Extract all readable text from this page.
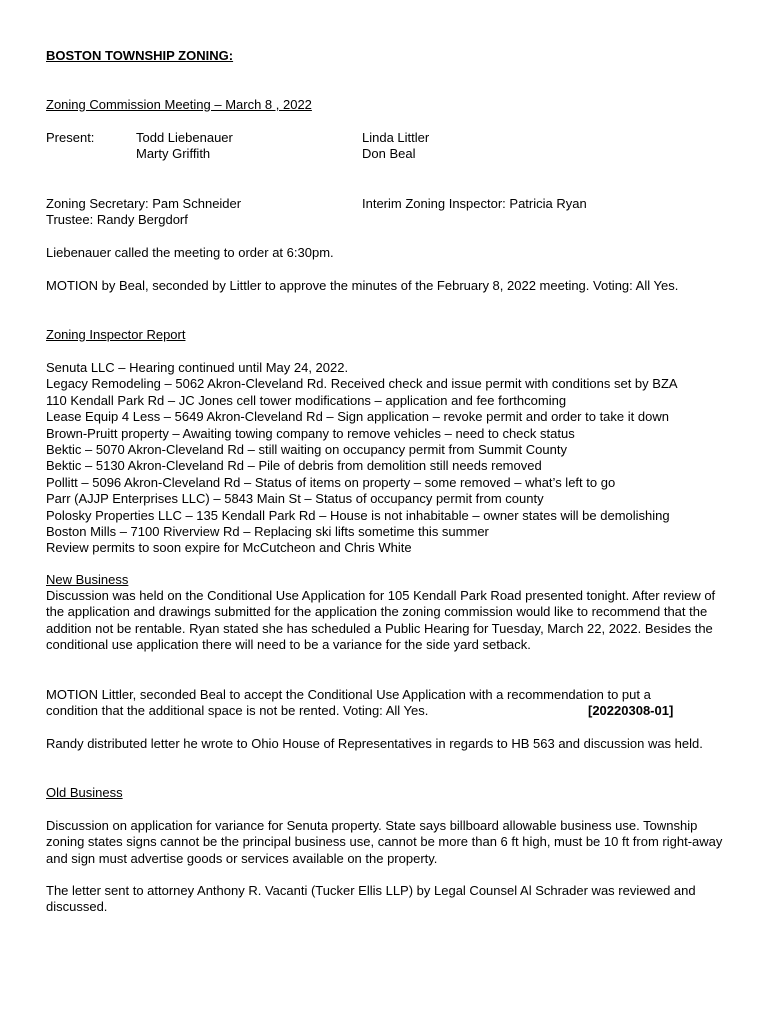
BOSTON TOWNSHIP ZONING:

Zoning Commission Meeting – March 8 , 2022

Present:	Todd Liebenauer
Marty Griffith
Linda Littler
Don Beal
Zoning Secretary: Pam Schneider
Trustee: Randy Bergdorf
Interim Zoning Inspector: Patricia Ryan

Liebenauer called the meeting to order at 6:30pm.

MOTION by Beal, seconded by Littler to approve the minutes of the February 8, 2022 meeting. Voting: All Yes.

Zoning Inspector Report

Senuta LLC – Hearing continued until May 24, 2022.
Legacy Remodeling – 5062 Akron-Cleveland Rd. Received check and issue permit with conditions set by BZA
110 Kendall Park Rd – JC Jones cell tower modifications – application and fee forthcoming
Lease Equip 4 Less – 5649 Akron-Cleveland Rd – Sign application – revoke permit and order to take it down
Brown-Pruitt property – Awaiting towing company to remove vehicles – need to check status
Bektic – 5070 Akron-Cleveland Rd – still waiting on occupancy permit from Summit County
Bektic – 5130 Akron-Cleveland Rd – Pile of debris from demolition still needs removed
Pollitt – 5096 Akron-Cleveland Rd – Status of items on property – some removed – what’s left to go
Parr (AJJP Enterprises LLC) – 5843 Main St – Status of occupancy permit from county
Polosky Properties LLC – 135 Kendall Park Rd – House is not inhabitable – owner states will be demolishing
Boston Mills – 7100 Riverview Rd – Replacing ski lifts sometime this summer
Review permits to soon expire for McCutcheon and Chris White

New Business

Discussion was held on the Conditional Use Application for 105 Kendall Park Road presented tonight. After review of the application and drawings submitted for the application the zoning commission would like to recommend that the addition not be rentable. Ryan stated she has scheduled a Public Hearing for Tuesday, March 22, 2022. Besides the conditional use application there will need to be a variance for the side yard setback.

MOTION Littler, seconded Beal to accept the Conditional Use Application with a recommendation to put a

condition that the additional space is not be rented. Voting: All Yes.	[20220308-01]

Randy distributed letter he wrote to Ohio House of Representatives in regards to HB 563 and discussion was held.

Old Business

Discussion on application for variance for Senuta property. State says billboard allowable business use. Township zoning states signs cannot be the principal business use, cannot be more than 6 ft high, must be 10 ft from right-away and sign must advertise goods or services available on the property.

The letter sent to attorney Anthony R. Vacanti (Tucker Ellis LLP) by Legal Counsel Al Schrader was reviewed and discussed.
